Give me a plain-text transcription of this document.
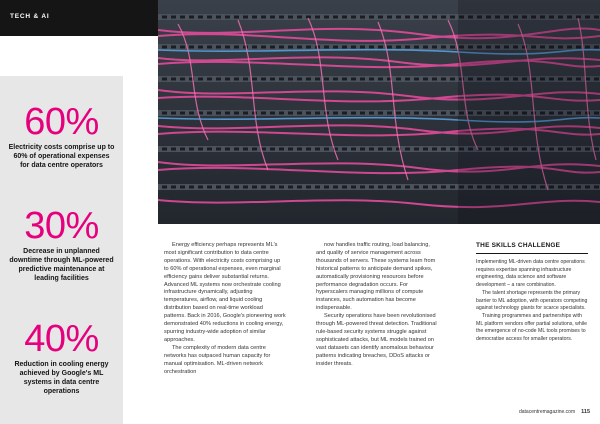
TECH & AI
60%
Electricity costs comprise up to 60% of operational expenses for data centre operators
30%
Decrease in unplanned downtime through ML-powered predictive maintenance at leading facilities
40%
Reduction in cooling energy achieved by Google's ML systems in data centre operations

Energy efficiency perhaps represents ML's most significant contribution to data centre operations. With electricity costs comprising up to 60% of operational expenses, even marginal efficiency gains deliver substantial returns. Advanced ML systems now orchestrate cooling infrastructure dynamically, adjusting temperatures, airflow, and liquid cooling distribution based on real-time workload patterns. Back in 2016, Google's pioneering work demonstrated 40% reductions in cooling energy, spurring industry-wide adoption of similar approaches.

The complexity of modern data centre networks has outpaced human capacity for manual optimisation. ML-driven network orchestration

now handles traffic routing, load balancing, and quality of service management across thousands of servers. These systems learn from historical patterns to anticipate demand spikes, automatically provisioning resources before performance degradation occurs. For hyperscalers managing millions of compute instances, such automation has become indispensable.

Security operations have been revolutionised through ML-powered threat detection. Traditional rule-based security systems struggle against sophisticated attacks, but ML models trained on vast datasets can identify anomalous behaviour patterns indicating breaches, DDoS attacks or insider threats.

THE SKILLS CHALLENGE

Implementing ML-driven data centre operations requires expertise spanning infrastructure engineering, data science and software development – a rare combination.

The talent shortage represents the primary barrier to ML adoption, with operators competing against technology giants for scarce specialists.

Training programmes and partnerships with ML platform vendors offer partial solutions, while the emergence of no-code ML tools promises to democratise access for smaller operators.

datacentremagazine.com 115
